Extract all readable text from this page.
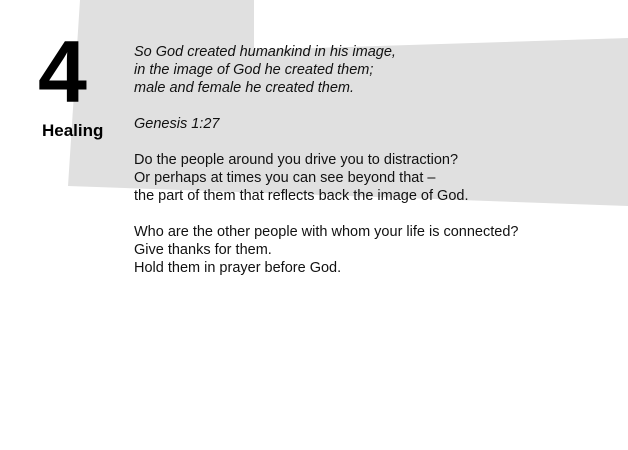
4
Healing

So God created humankind in his image,
in the image of God he created them;
male and female he created them.

Genesis 1:27

Do the people around you drive you to distraction?
Or perhaps at times you can see beyond that –
the part of them that reflects back the image of God.

Who are the other people with whom your life is connected?
Give thanks for them.
Hold them in prayer before God.
